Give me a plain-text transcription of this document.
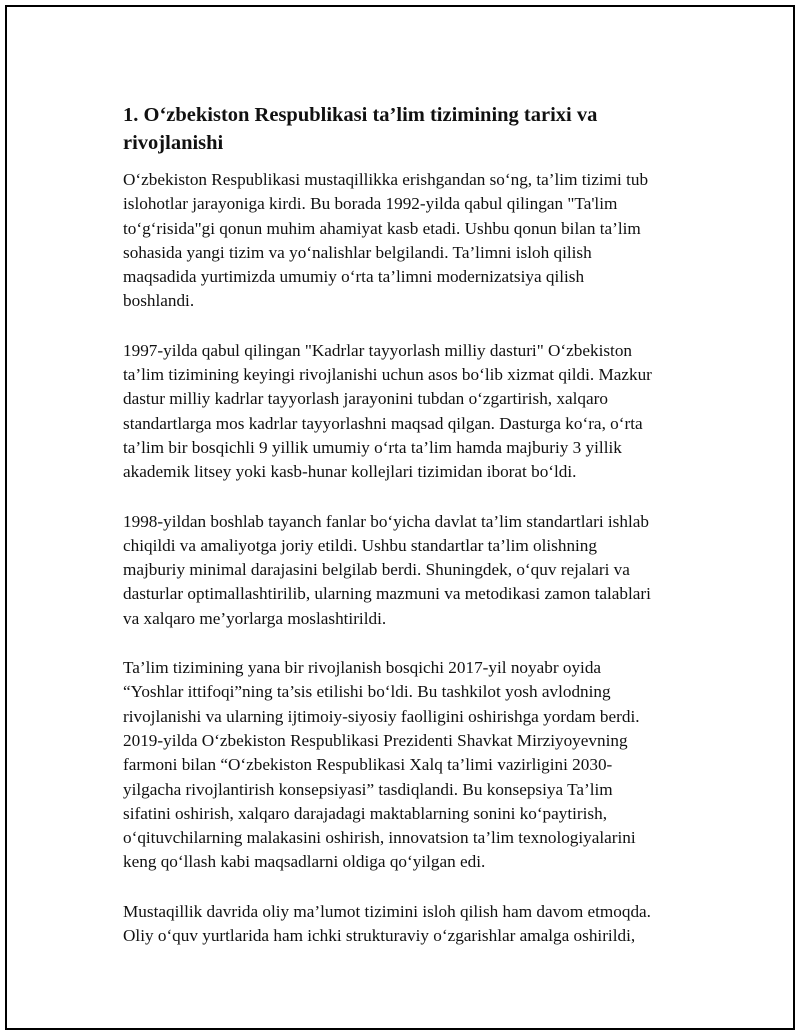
1. O‘zbekiston Respublikasi ta’lim tizimining tarixi va
rivojlanishi

O‘zbekiston Respublikasi mustaqillikka erishgandan so‘ng, ta’lim tizimi tub
islohotlar jarayoniga kirdi. Bu borada 1992-yilda qabul qilingan "Ta'lim
to‘g‘risida"gi qonun muhim ahamiyat kasb etadi. Ushbu qonun bilan ta’lim
sohasida yangi tizim va yo‘nalishlar belgilandi. Ta’limni isloh qilish
maqsadida yurtimizda umumiy o‘rta ta’limni modernizatsiya qilish
boshlandi.

1997-yilda qabul qilingan "Kadrlar tayyorlash milliy dasturi" O‘zbekiston
ta’lim tizimining keyingi rivojlanishi uchun asos bo‘lib xizmat qildi. Mazkur
dastur milliy kadrlar tayyorlash jarayonini tubdan o‘zgartirish, xalqaro
standartlarga mos kadrlar tayyorlashni maqsad qilgan. Dasturga ko‘ra, o‘rta
ta’lim bir bosqichli 9 yillik umumiy o‘rta ta’lim hamda majburiy 3 yillik
akademik litsey yoki kasb-hunar kollejlari tizimidan iborat bo‘ldi.

1998-yildan boshlab tayanch fanlar bo‘yicha davlat ta’lim standartlari ishlab
chiqildi va amaliyotga joriy etildi. Ushbu standartlar ta’lim olishning
majburiy minimal darajasini belgilab berdi. Shuningdek, o‘quv rejalari va
dasturlar optimallashtirilib, ularning mazmuni va metodikasi zamon talablari
va xalqaro me’yorlarga moslashtirildi.

Ta’lim tizimining yana bir rivojlanish bosqichi 2017-yil noyabr oyida
“Yoshlar ittifoqi”ning ta’sis etilishi bo‘ldi. Bu tashkilot yosh avlodning
rivojlanishi va ularning ijtimoiy-siyosiy faolligini oshirishga yordam berdi.
2019-yilda O‘zbekiston Respublikasi Prezidenti Shavkat Mirziyoyevning
farmoni bilan “O‘zbekiston Respublikasi Xalq ta’limi vazirligini 2030-
yilgacha rivojlantirish konsepsiyasi” tasdiqlandi. Bu konsepsiya Ta’lim
sifatini oshirish, xalqaro darajadagi maktablarning sonini ko‘paytirish,
o‘qituvchilarning malakasini oshirish, innovatsion ta’lim texnologiyalarini
keng qo‘llash kabi maqsadlarni oldiga qo‘yilgan edi.

Mustaqillik davrida oliy ma’lumot tizimini isloh qilish ham davom etmoqda.
Oliy o‘quv yurtlarida ham ichki strukturaviy o‘zgarishlar amalga oshirildi,
